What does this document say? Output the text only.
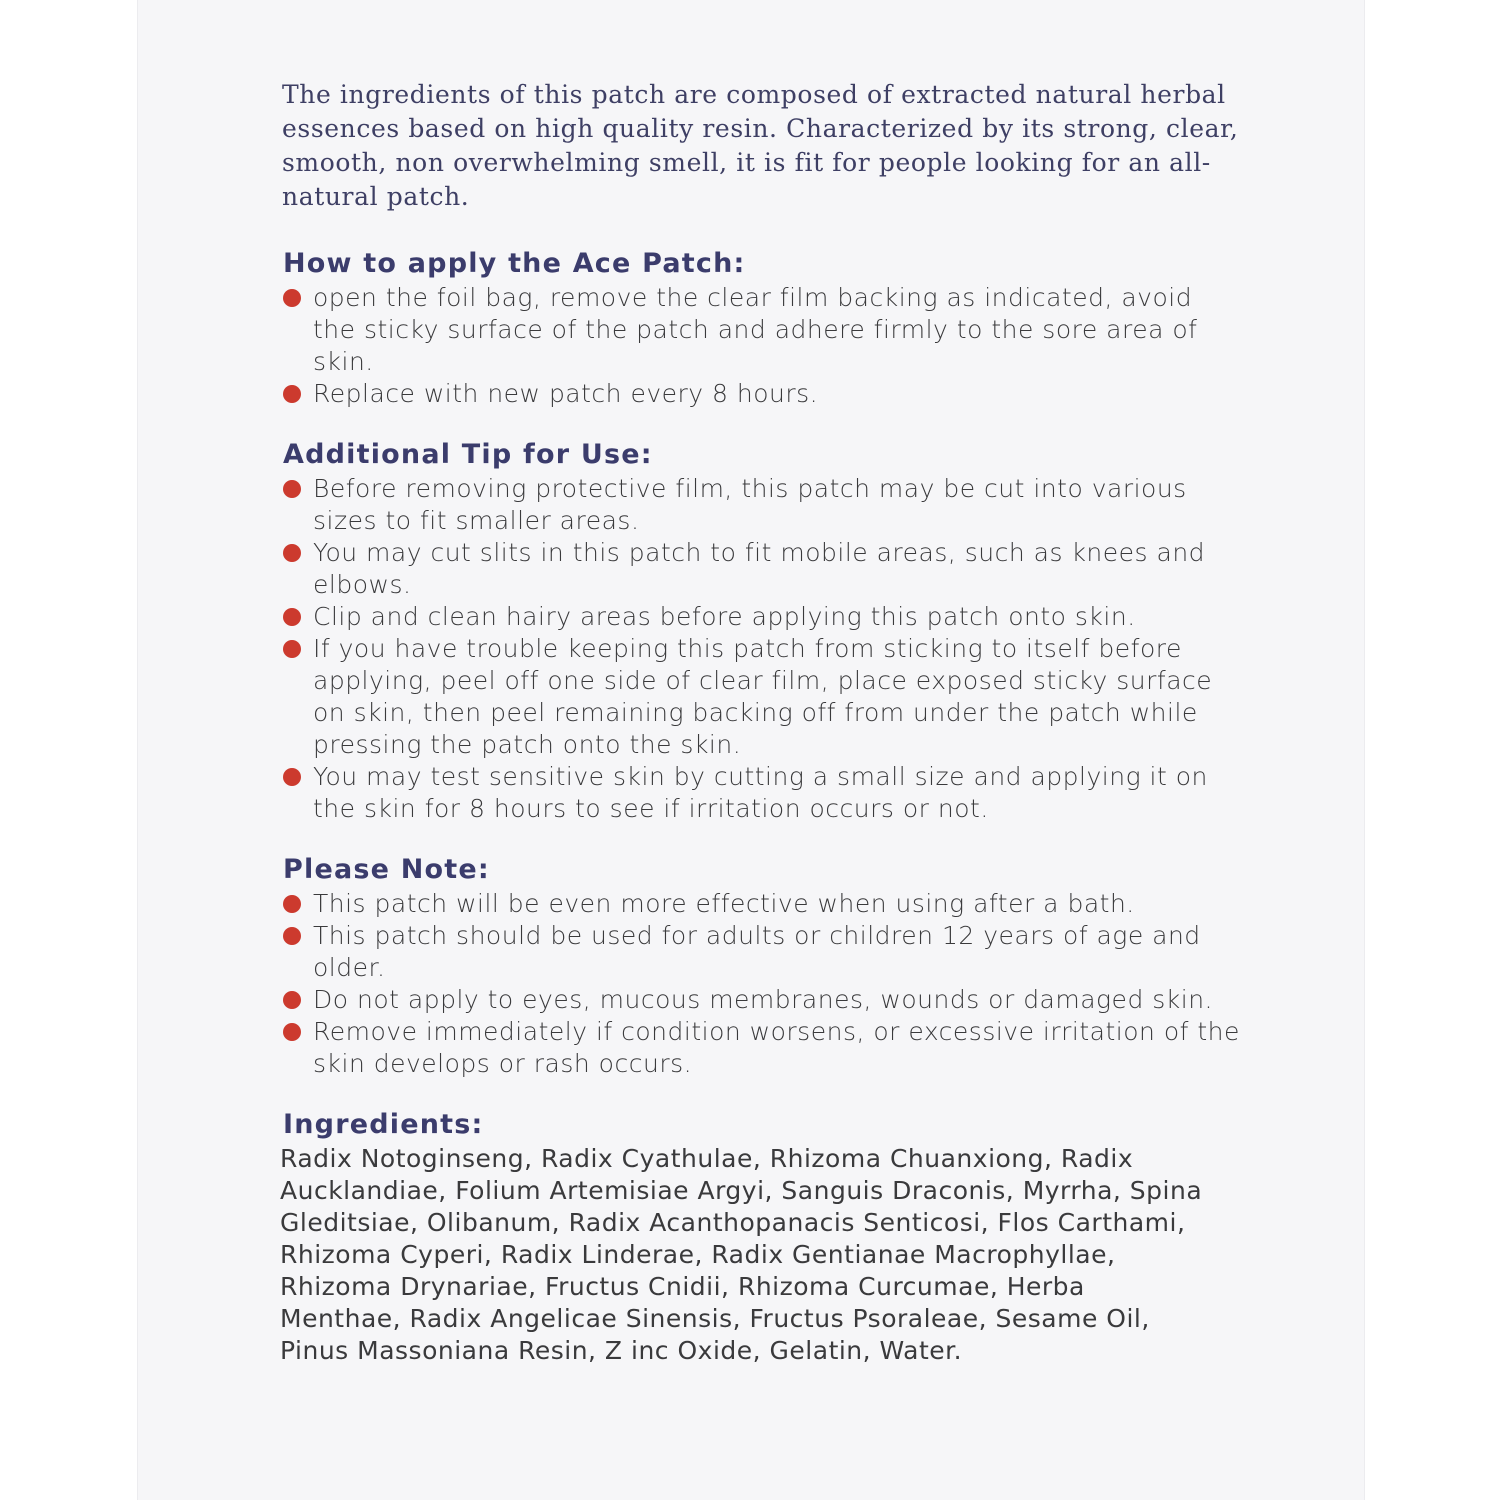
The ingredients of this patch are composed of extracted natural herbal essences based on high quality resin. Characterized by its strong, clear, smooth, non overwhelming smell, it is fit for people looking for an all-natural patch.

How to apply the Ace Patch:
open the foil bag, remove the clear film backing as indicated, avoid the sticky surface of the patch and adhere firmly to the sore area of skin.
Replace with new patch every 8 hours.
Additional Tip for Use:
Before removing protective film, this patch may be cut into various sizes to fit smaller areas.
You may cut slits in this patch to fit mobile areas, such as knees and elbows.
Clip and clean hairy areas before applying this patch onto skin.
If you have trouble keeping this patch from sticking to itself before applying, peel off one side of clear film, place exposed sticky surface on skin, then peel remaining backing off from under the patch while pressing the patch onto the skin.
You may test sensitive skin by cutting a small size and applying it on the skin for 8 hours to see if irritation occurs or not.
Please Note:
This patch will be even more effective when using after a bath.
This patch should be used for adults or children 12 years of age and older.
Do not apply to eyes, mucous membranes, wounds or damaged skin.
Remove immediately if condition worsens, or excessive irritation of the skin develops or rash occurs.
Ingredients:

Radix Notoginseng, Radix Cyathulae, Rhizoma Chuanxiong, Radix Aucklandiae, Folium Artemisiae Argyi, Sanguis Draconis, Myrrha, Spina Gleditsiae, Olibanum, Radix Acanthopanacis Senticosi, Flos Carthami, Rhizoma Cyperi, Radix Linderae, Radix Gentianae Macrophyllae, Rhizoma Drynariae, Fructus Cnidii, Rhizoma Curcumae, Herba Menthae, Radix Angelicae Sinensis, Fructus Psoraleae, Sesame Oil, Pinus Massoniana Resin, Z inc Oxide, Gelatin, Water.
